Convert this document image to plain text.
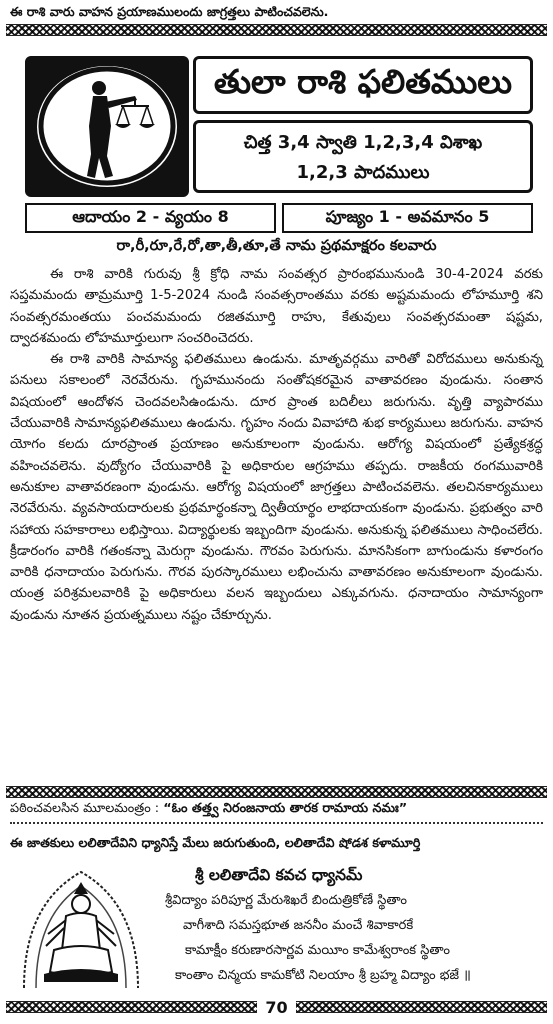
ఈ రాశి వారు వాహన ప్రయాణములందు జాగ్రత్తలు పాటించవలెను.
తులా రాశి ఫలితములు
చిత్త 3,4 స్వాతి 1,2,3,4 విశాఖ
1,2,3 పాదములు
ఆదాయం 2 - వ్యయం 8	పూజ్యం 1 - అవమానం 5
రా,రీ,రూ,రే,రో,తా,తీ,తూ,తే నామ ప్రథమాక్షరం కలవారు

ఈ రాశి వారికి గురువు శ్రీ క్రోధి నామ సంవత్సర ప్రారంభమునుండి 30-4-2024 వరకు సప్తమమందు తామ్రమూర్తి 1-5-2024 నుండి సంవత్సరాంతము వరకు అష్టమమందు లోహమూర్తి శని సంవత్సరమంతయు పంచమమందు రజితమూర్తి రాహు, కేతువులు సంవత్సరమంతా షష్టమ, ద్వాదశమందు లోహమూర్తులుగా సంచరించెదరు.

ఈ రాశి వారికి సామాన్య ఫలితములు ఉండును. మాతృవర్గము వారితో విరోదములు అనుకున్న పనులు సకాలంలో నెరవేరును. గృహమునందు సంతోషకరమైన వాతావరణం వుండును. సంతాన విషయంలో ఆందోళన చెందవలసిఉండును. దూర ప్రాంత బదిలీలు జరుగును. వృత్తి వ్యాపారము చేయువారికి సామాన్యఫలితములు ఉండును. గృహం నందు వివాహాది శుభ కార్యములు జరుగును. వాహన యోగం కలదు దూరప్రాంత ప్రయాణం అనుకూలంగా వుండును. ఆరోగ్య విషయంలో ప్రత్యేకశ్రద్ధ వహించవలెను. వుద్యోగం చేయువారికి పై అధికారుల ఆగ్రహము తప్పదు. రాజకీయ రంగమువారికి అనుకూల వాతావరణంగా వుండును. ఆరోగ్య విషయంలో జాగ్రత్తలు పాటించవలెను. తలచినకార్యములు నెరవేరును. వ్యవసాయదారులకు ప్రథమార్థంకన్నా ద్వితీయార్థం లాభదాయకంగా వుండును. ప్రభుత్వం వారి సహాయ సహకారాలు లభిస్తాయి. విద్యార్థులకు ఇబ్బందిగా వుండును. అనుకున్న ఫలితములు సాధించలేరు. క్రీడారంగం వారికి గతంకన్నా మెరుగ్గా వుండును. గౌరవం పెరుగును. మానసికంగా బాగుండును కళారంగం వారికి ధనాదాయం పెరుగును. గౌరవ పురస్కారములు లభించును వాతావరణం అనుకూలంగా వుండును. యంత్ర పరిశ్రమలవారికి పై అధికారులు వలన ఇబ్బందులు ఎక్కువగును. ధనాదాయం సామాన్యంగా వుండును నూతన ప్రయత్నములు నష్టం చేకూర్చును.

పఠించవలసిన మూలమంత్రం : “ఓం తత్త్వ నిరంజనాయ తారక రామాయ నమః”
ఈ జాతకులు లలితాదేవిని ధ్యానిస్తే మేలు జరుగుతుంది, లలితాదేవి షోడశ కళామూర్తి
శ్రీ లలితాదేవి కవచ ధ్యానమ్
శ్రీవిద్యాం పరిపూర్ణ మేరుశిఖరే బిందుత్రికోణే స్థితాం
వాగీశాది సమస్తభూత జననీం మంచే శివాకారకే
కామాక్షీం కరుణారసార్ణవ మయీం కామేశ్వరాంక స్థితాం
కాంతాం చిన్మయ కామకోటి నిలయాం శ్రీ బ్రహ్మ విద్యాం భజే ॥
70
